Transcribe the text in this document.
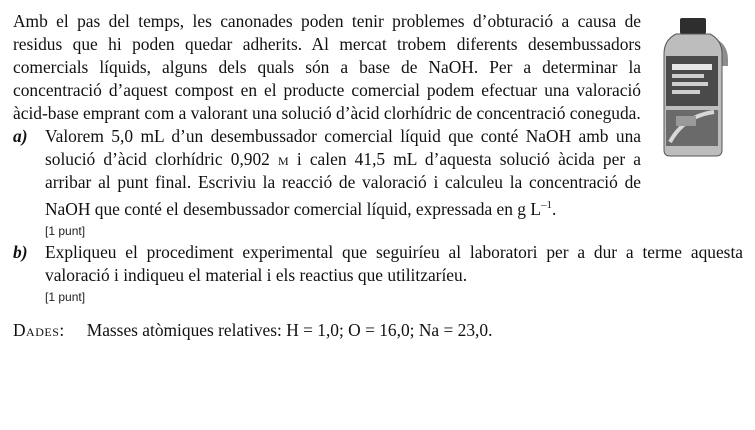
Amb el pas del temps, les canonades poden tenir problemes d’obturació a causa de residus que hi poden quedar adherits. Al mercat trobem diferents desembussadors comercials líquids, alguns dels quals són a base de NaOH. Per a determinar la concentració d’aquest compost en el producte comercial podem efectuar una valoració àcid-base emprant com a valorant una solució d’àcid clorhídric de concentració coneguda.

a) Valorem 5,0 mL d’un desembussador comercial líquid que conté NaOH amb una solució d’àcid clorhídric 0,902 m i calen 41,5 mL d’aquesta solució àcida per a arribar al punt final. Escriviu la reacció de valoració i calculeu la concentració de NaOH que conté el desembussador comercial líquid, expressada en g $L^{-1}$.
[1 punt]
b) Expliqueu el procediment experimental que seguiríeu al laboratori per a dur a terme aquesta valoració i indiqueu el material i els reactius que utilitzaríeu.
[1 punt]
Dades: Masses atòmiques relatives: H = 1,0; O = 16,0; Na = 23,0.
